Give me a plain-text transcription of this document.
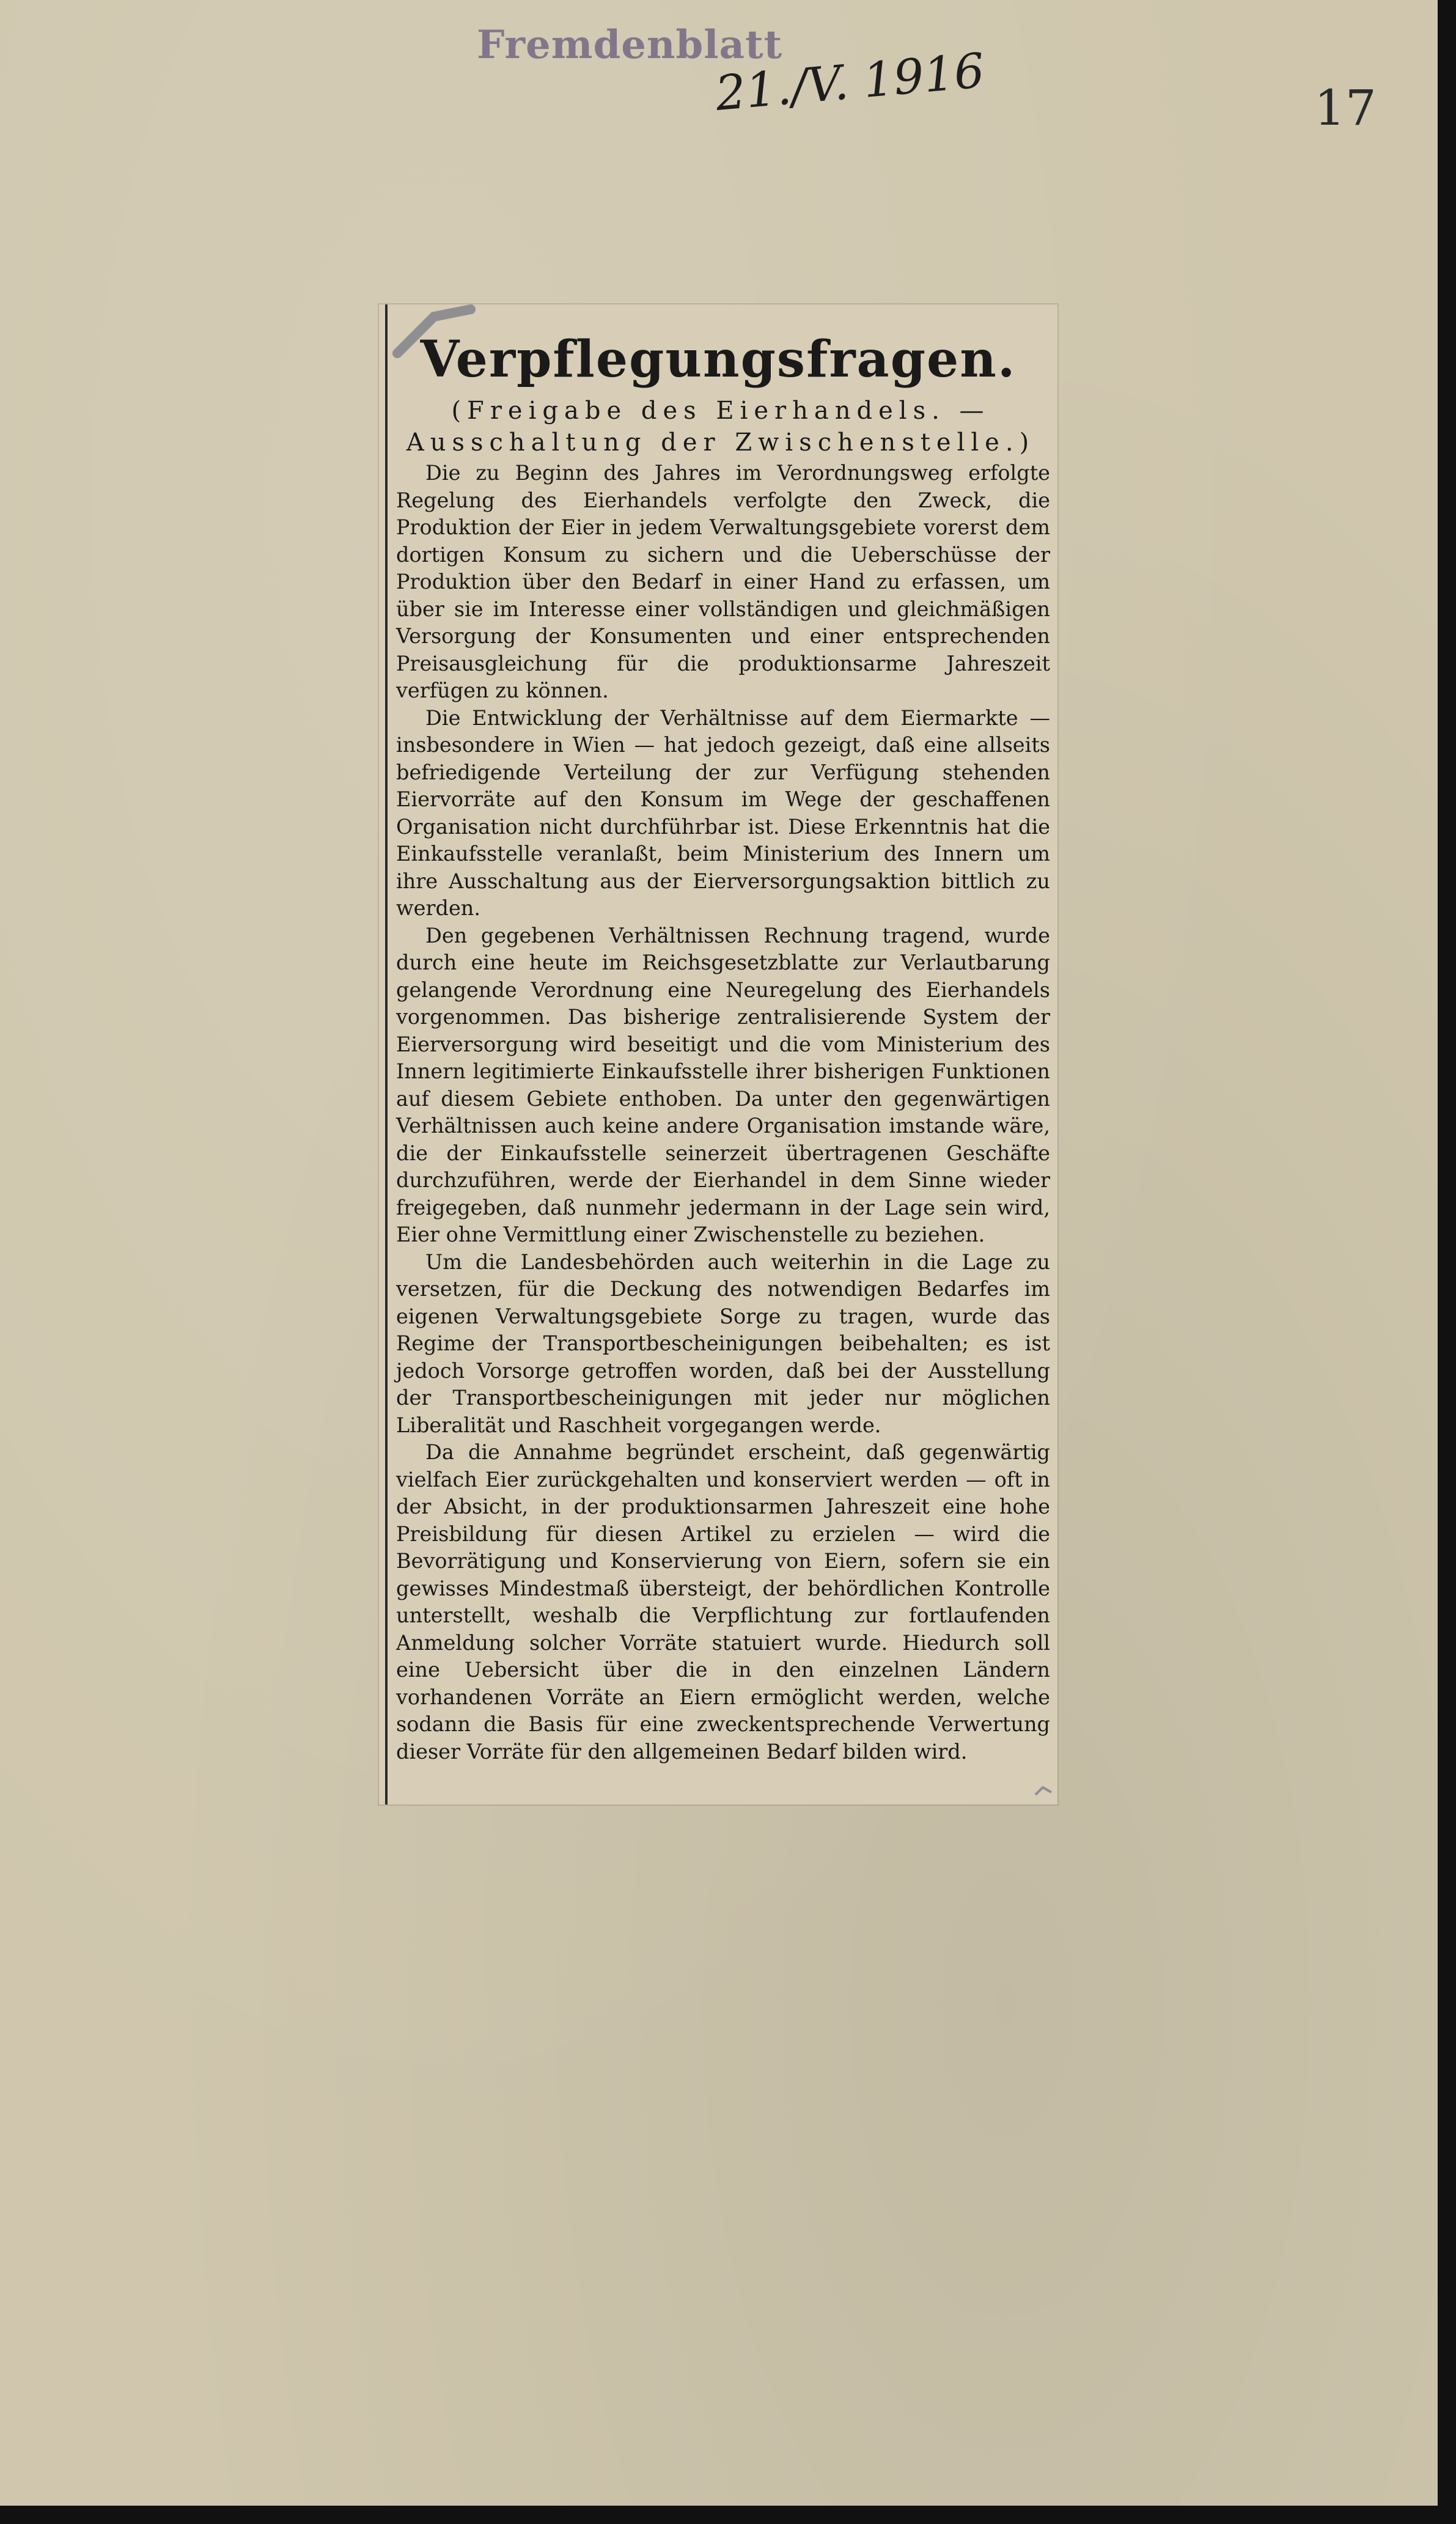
Fremdenblatt
21./V. 1916	17
Verpflegungsfragen.
(Freigabe des Eierhandels. — Ausschaltung der Zwischenstelle.)

Die zu Beginn des Jahres im Verordnungsweg erfolgte Regelung des Eierhandels verfolgte den Zweck, die Produktion der Eier in jedem Verwaltungsgebiete vorerst dem dortigen Konsum zu sichern und die Ueberschüsse der Produktion über den Bedarf in einer Hand zu erfassen, um über sie im Interesse einer vollständigen und gleichmäßigen Versorgung der Konsumenten und einer entsprechenden Preisausgleichung für die produktionsarme Jahreszeit verfügen zu können.

Die Entwicklung der Verhältnisse auf dem Eiermarkte — insbesondere in Wien — hat jedoch gezeigt, daß eine allseits befriedigende Verteilung der zur Verfügung stehenden Eiervorräte auf den Konsum im Wege der geschaffenen Organisation nicht durchführbar ist. Diese Erkenntnis hat die Einkaufsstelle veranlaßt, beim Ministerium des Innern um ihre Ausschaltung aus der Eierversorgungsaktion bittlich zu werden.

Den gegebenen Verhältnissen Rechnung tragend, wurde durch eine heute im Reichsgesetzblatte zur Verlautbarung gelangende Verordnung eine Neuregelung des Eierhandels vorgenommen. Das bisherige zentralisierende System der Eierversorgung wird beseitigt und die vom Ministerium des Innern legitimierte Einkaufsstelle ihrer bisherigen Funktionen auf diesem Gebiete enthoben. Da unter den gegenwärtigen Verhältnissen auch keine andere Organisation imstande wäre, die der Einkaufsstelle seinerzeit übertragenen Geschäfte durchzuführen, werde der Eierhandel in dem Sinne wieder freigegeben, daß nunmehr jedermann in der Lage sein wird, Eier ohne Vermittlung einer Zwischenstelle zu beziehen.

Um die Landesbehörden auch weiterhin in die Lage zu versetzen, für die Deckung des notwendigen Bedarfes im eigenen Verwaltungsgebiete Sorge zu tragen, wurde das Regime der Transportbescheinigungen beibehalten; es ist jedoch Vorsorge getroffen worden, daß bei der Ausstellung der Transportbescheinigungen mit jeder nur möglichen Liberalität und Raschheit vorgegangen werde.

Da die Annahme begründet erscheint, daß gegenwärtig vielfach Eier zurückgehalten und konserviert werden — oft in der Absicht, in der produktionsarmen Jahreszeit eine hohe Preisbildung für diesen Artikel zu erzielen — wird die Bevorrätigung und Konservierung von Eiern, sofern sie ein gewisses Mindestmaß übersteigt, der behördlichen Kontrolle unterstellt, weshalb die Verpflichtung zur fortlaufenden Anmeldung solcher Vorräte statuiert wurde. Hiedurch soll eine Uebersicht über die in den einzelnen Ländern vorhandenen Vorräte an Eiern ermöglicht werden, welche sodann die Basis für eine zweckentsprechende Verwertung dieser Vorräte für den allgemeinen Bedarf bilden wird.
